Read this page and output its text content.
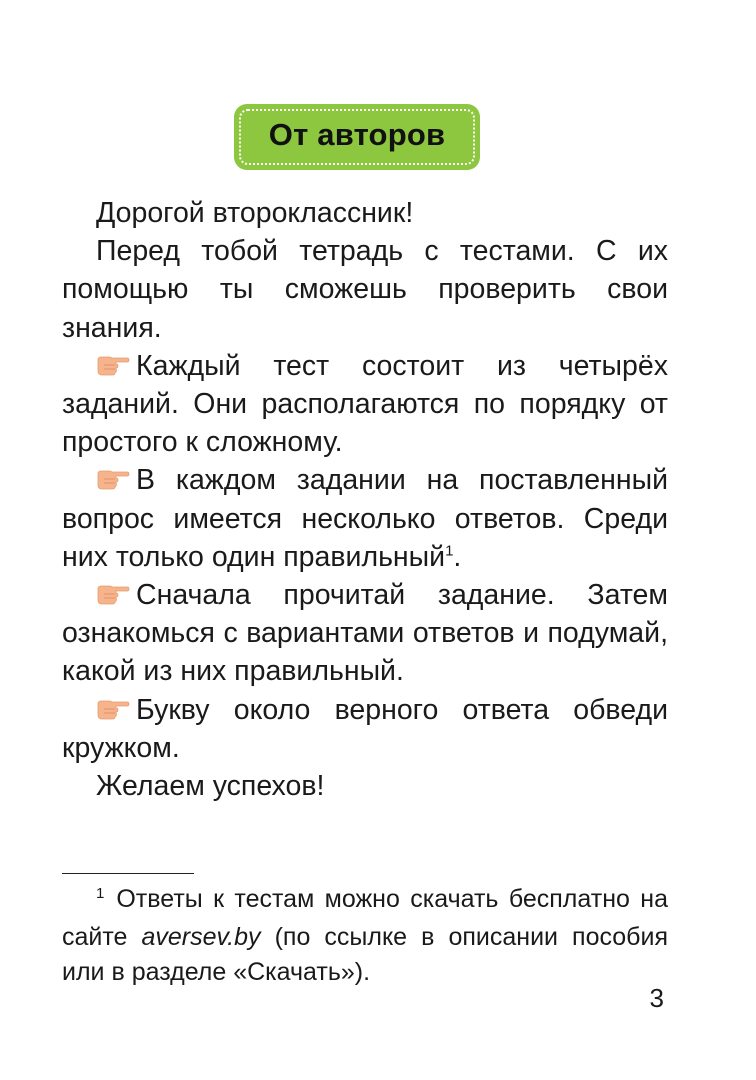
От авторов

Дорогой второклассник!

Перед тобой тетрадь с тестами. С их помощью ты сможешь проверить свои знания.

Каждый тест состоит из четырёх заданий. Они располагаются по порядку от простого к сложному.

В каждом задании на поставленный вопрос имеется несколько ответов. Среди них только один правильный$^1$.

Сначала прочитай задание. Затем ознакомься с вариантами ответов и подумай, какой из них правильный.

Букву около верного ответа обведи кружком.

Желаем успехов!

$^1$ Ответы к тестам можно скачать бесплатно на сайте aversev.by (по ссылке в описании пособия или в разделе «Скачать»).
3
